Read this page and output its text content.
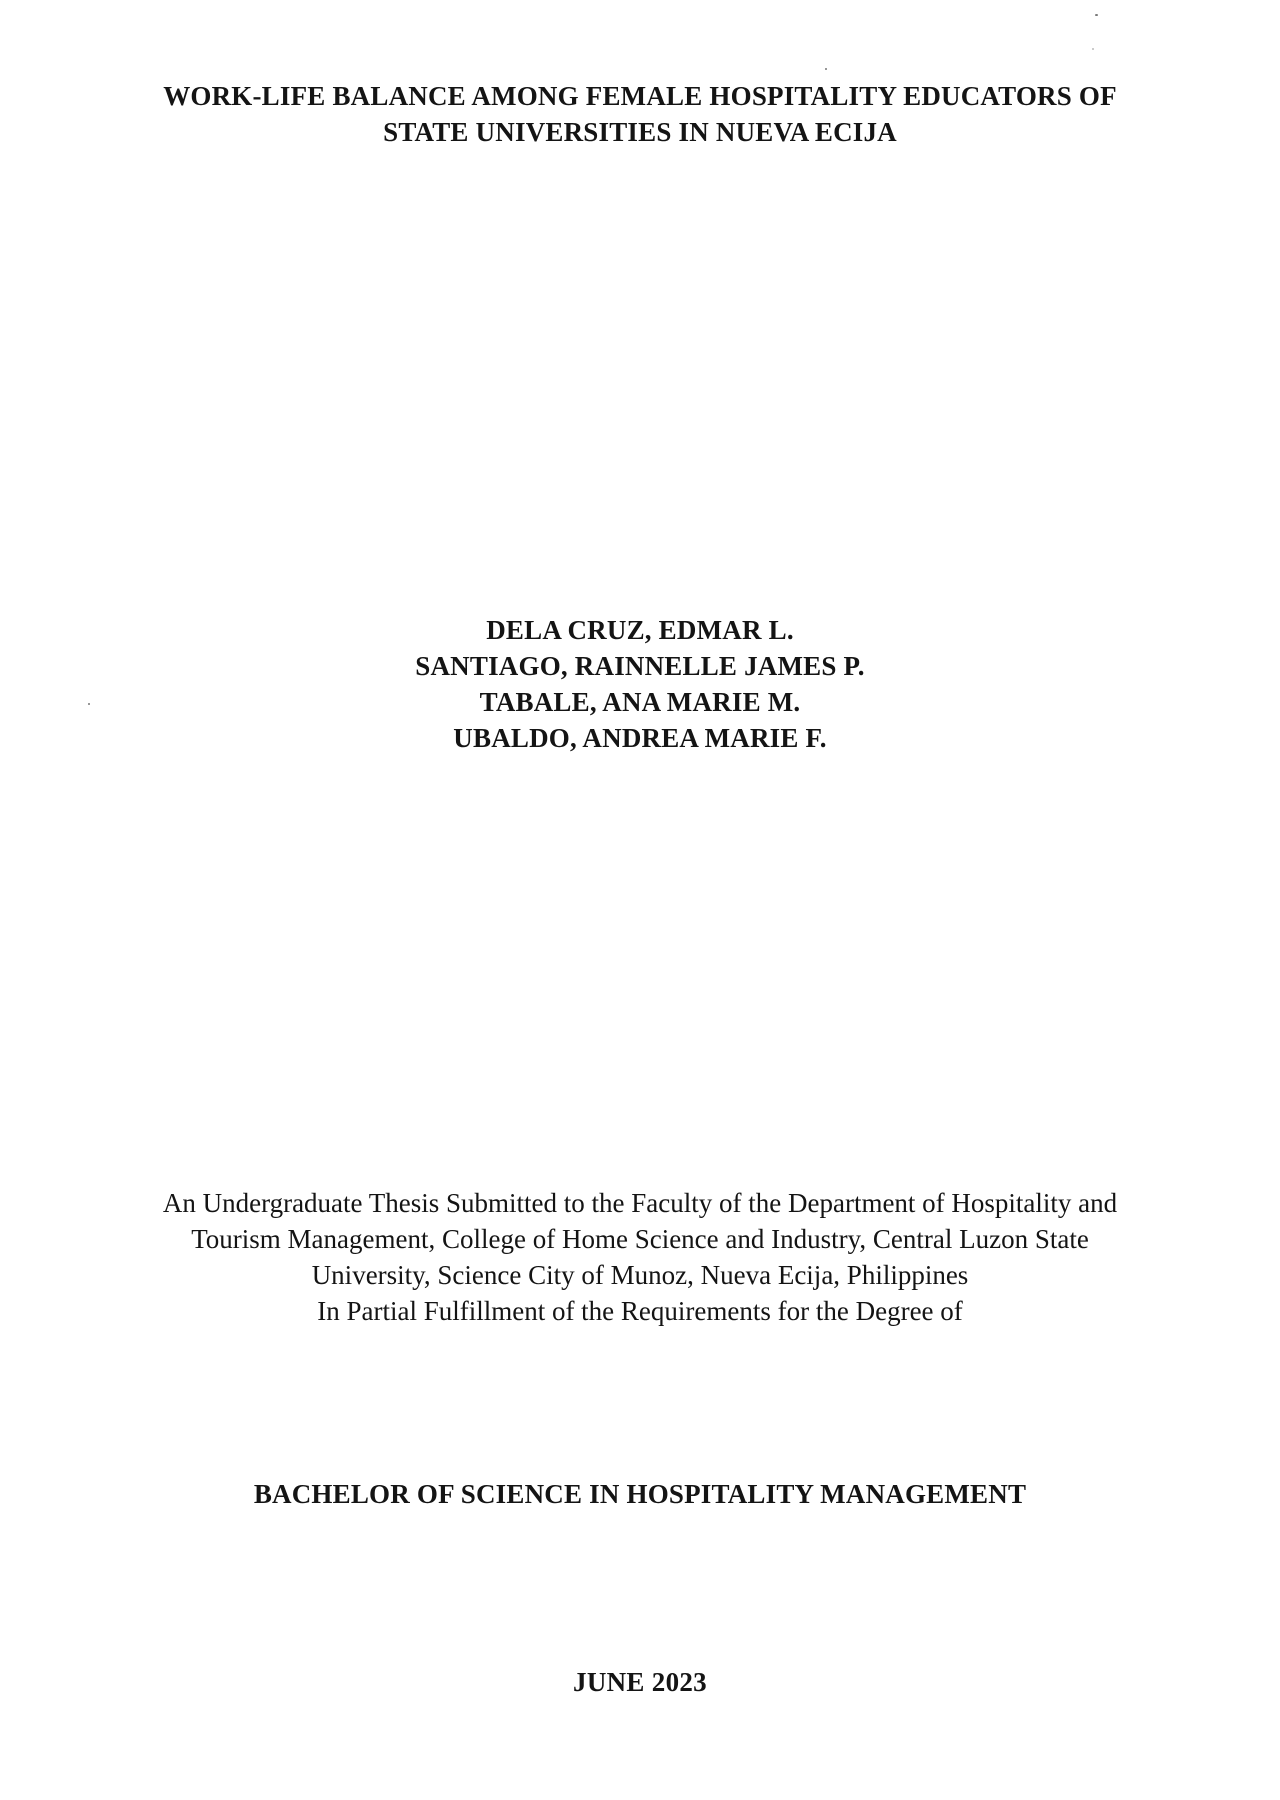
WORK-LIFE BALANCE AMONG FEMALE HOSPITALITY EDUCATORS OF
STATE UNIVERSITIES IN NUEVA ECIJA
DELA CRUZ, EDMAR L.
SANTIAGO, RAINNELLE JAMES P.
TABALE, ANA MARIE M.
UBALDO, ANDREA MARIE F.
An Undergraduate Thesis Submitted to the Faculty of the Department of Hospitality and
Tourism Management, College of Home Science and Industry, Central Luzon State
University, Science City of Munoz, Nueva Ecija, Philippines
In Partial Fulfillment of the Requirements for the Degree of
BACHELOR OF SCIENCE IN HOSPITALITY MANAGEMENT
JUNE 2023
